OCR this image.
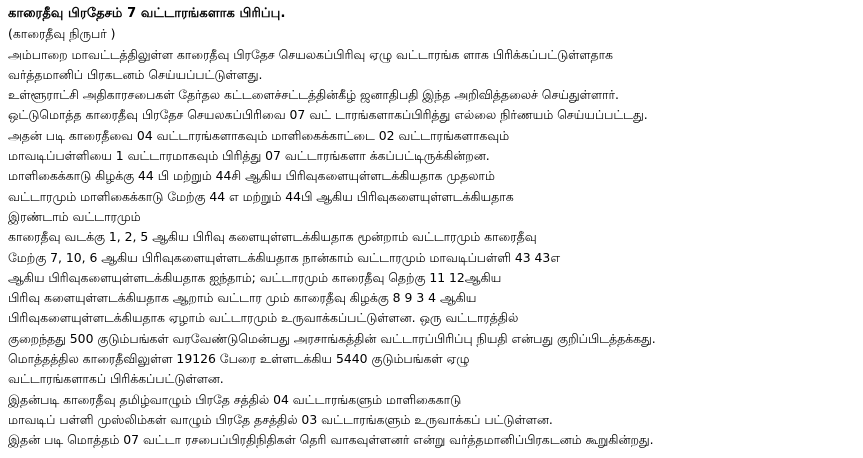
காரைதீவு பிரதேசம் 7 வட்டாரங்களாக பிரிப்பு.
(காரைதீவு நிருபர் )
அம்பாறை மாவட்டத்திலுள்ள காரைதீவு பிரதேச செயலகப்பிரிவு ஏழு வட்டாரங்க ளாக பிரிக்கப்பட்டுள்ளதாக
வர்த்தமானிப் பிரகடனம் செய்யப்பட்டுள்ளது.
உள்ளூராட்சி அதிகாரசபைகள் தேர்தல கட்டளைச்சட்டத்தின்கீழ் ஜனாதிபதி இந்த அறிவித்தலைச் செய்துள்ளார்.
ஒட்டுமொத்த காரைதீவு பிரதேச செயலகப்பிரிவை 07 வட் டாரங்களாகப்பிரித்து எல்லை நிர்ணயம் செய்யப்பட்டது.
அதன் படி காரைதீவை 04 வட்டாரங்களாகவும் மாளிகைக்காட்டை 02 வட்டாரங்களாகவும்
மாவடிப்பள்ளியை 1 வட்டாரமாகவும் பிரித்து 07 வட்டாரங்களா க்கப்பட்டிருக்கின்றன.
மாளிகைக்காடு கிழக்கு 44 பி மற்றும் 44சி ஆகிய பிரிவுகளையுள்ளடக்கியதாக முதலாம்
வட்டாரமும் மாளிகைக்காடு மேற்கு 44 எ மற்றும் 44பி ஆகிய பிரிவுகளையுள்ளடக்கியதாக
இரண்டாம் வட்டாரமும்
காரைதீவு வடக்கு 1, 2, 5 ஆகிய பிரிவு களையுள்ளடக்கியதாக மூன்றாம் வட்டாரமும் காரைதீவு
மேற்கு 7, 10, 6 ஆகிய பிரிவுகளையுள்ளடக்கியதாக நான்காம் வட்டாரமும் மாவடிப்பள்ளி 43 43எ
ஆகிய பிரிவுகளையுள்ளடக்கியதாக ஐந்தாம்; வட்டாரமும் காரைதீவு தெற்கு 11 12ஆகிய
பிரிவு களையுள்ளடக்கியதாக ஆறாம் வட்டார மும் காரைதீவு கிழக்கு 8 9 3 4 ஆகிய
பிரிவுகளையுள்ளடக்கியதாக ஏழாம் வட்டாரமும் உருவாக்கப்பட்டுள்ளன. ஒரு வட்டாரத்தில்
குறைந்தது 500 குடும்பங்கள் வரவேண்டுமென்பது அரசாங்கத்தின் வட்டாரப்பிரிப்பு நியதி என்பது குறிப்பிடத்தக்கது.
மொத்தத்தில காரைதீவிலுள்ள 19126 பேரை உள்ளடக்கிய 5440 குடும்பங்கள் ஏழு
வட்டாரங்களாகப் பிரிக்கப்பட்டுள்ளன.
இதன்படி காரைதீவு தமிழ்வாழும் பிரதே சத்தில் 04 வட்டாரங்களும் மாளிகைகாடு
மாவடிப் பள்ளி முஸ்லிம்கள் வாழும் பிரதே தசத்தில் 03 வட்டாரங்களும் உருவாக்கப் பட்டுள்ளன.
இதன் படி மொத்தம் 07 வட்டா ரசபைப்பிரதிநிதிகள் தெரி வாகவுள்ளனர் என்று வர்த்தமானிப்பிரகடனம் கூறுகின்றது.
